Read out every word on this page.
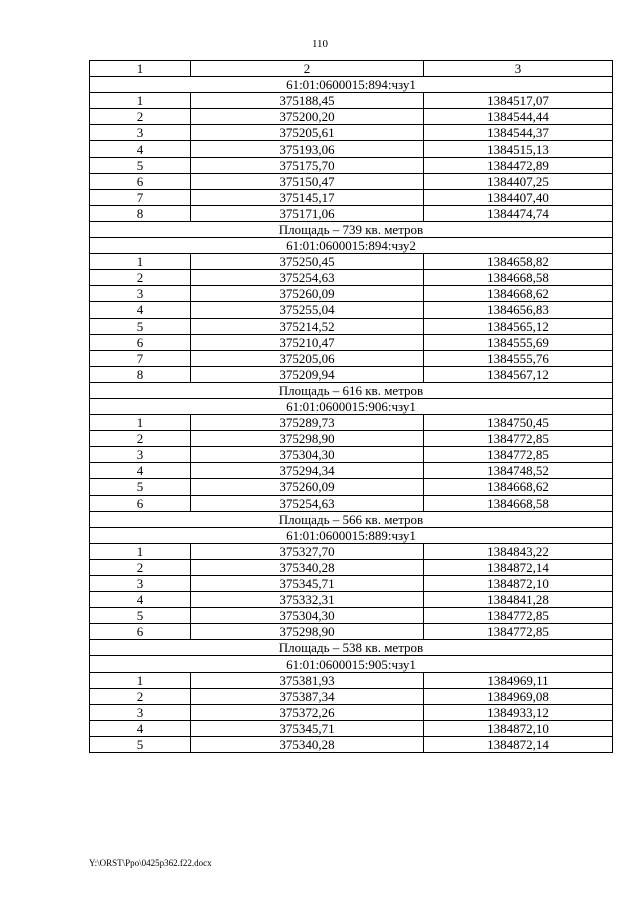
110
1	2	3
61:01:0600015:894:чзу1		
1	375188,45	1384517,07
2	375200,20	1384544,44
3	375205,61	1384544,37
4	375193,06	1384515,13
5	375175,70	1384472,89
6	375150,47	1384407,25
7	375145,17	1384407,40
8	375171,06	1384474,74
Площадь – 739 кв. метров		
61:01:0600015:894:чзу2		
1	375250,45	1384658,82
2	375254,63	1384668,58
3	375260,09	1384668,62
4	375255,04	1384656,83
5	375214,52	1384565,12
6	375210,47	1384555,69
7	375205,06	1384555,76
8	375209,94	1384567,12
Площадь – 616 кв. метров		
61:01:0600015:906:чзу1		
1	375289,73	1384750,45
2	375298,90	1384772,85
3	375304,30	1384772,85
4	375294,34	1384748,52
5	375260,09	1384668,62
6	375254,63	1384668,58
Площадь – 566 кв. метров		
61:01:0600015:889:чзу1		
1	375327,70	1384843,22
2	375340,28	1384872,14
3	375345,71	1384872,10
4	375332,31	1384841,28
5	375304,30	1384772,85
6	375298,90	1384772,85
Площадь – 538 кв. метров		
61:01:0600015:905:чзу1		
1	375381,93	1384969,11
2	375387,34	1384969,08
3	375372,26	1384933,12
4	375345,71	1384872,10
5	375340,28	1384872,14
Y:\ORST\Ppo\0425p362.f22.docx
